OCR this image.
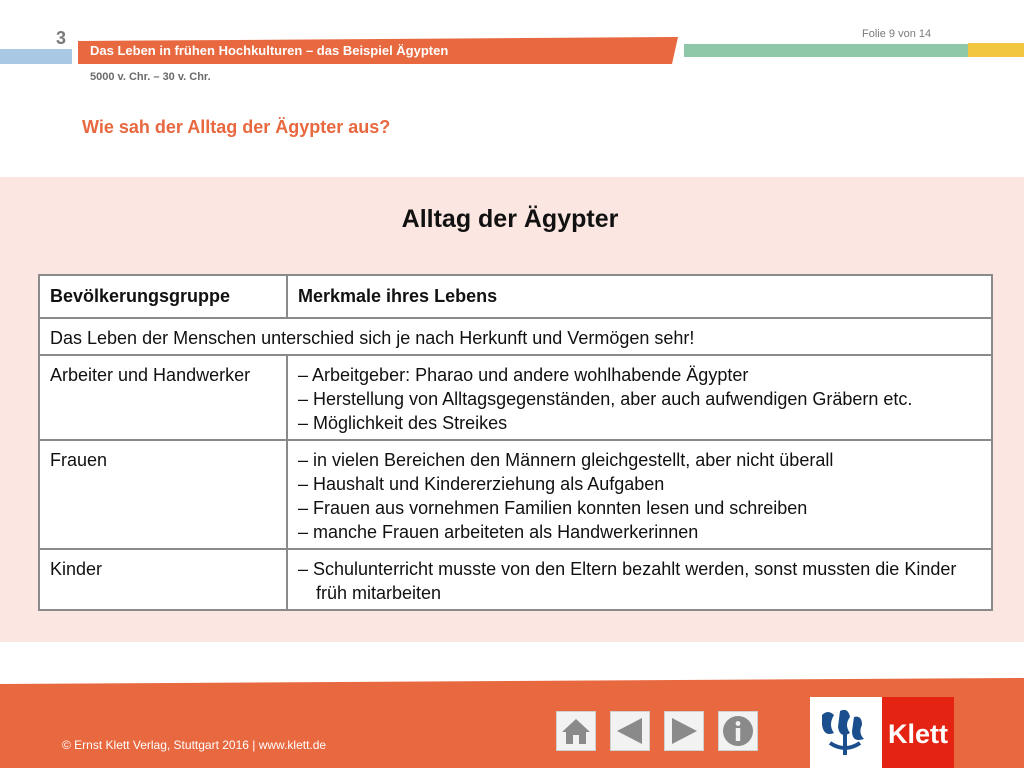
3	Folie 9 von 14
Das Leben in frühen Hochkulturen – das Beispiel Ägypten
5000 v. Chr. – 30 v. Chr.
Wie sah der Alltag der Ägypter aus?
Alltag der Ägypter
Bevölkerungsgruppe	Merkmale ihres Lebens
Das Leben der Menschen unterschied sich je nach Herkunft und Vermögen sehr!	
Arbeiter und Handwerker	– Arbeitgeber: Pharao und andere wohlhabende Ägypter
– Herstellung von Alltagsgegenständen, aber auch aufwendigen Gräbern etc.
– Möglichkeit des Streikes

Frauen	– in vielen Bereichen den Männern gleichgestellt, aber nicht überall
– Haushalt und Kindererziehung als Aufgaben
– Frauen aus vornehmen Familien konnten lesen und schreiben
– manche Frauen arbeiteten als Handwerkerinnen

Kinder	– Schulunterricht musste von den Eltern bezahlt werden, sonst mussten die Kinder früh mitarbeiten
© Ernst Klett Verlag, Stuttgart 2016 | www.klett.de	Klett
